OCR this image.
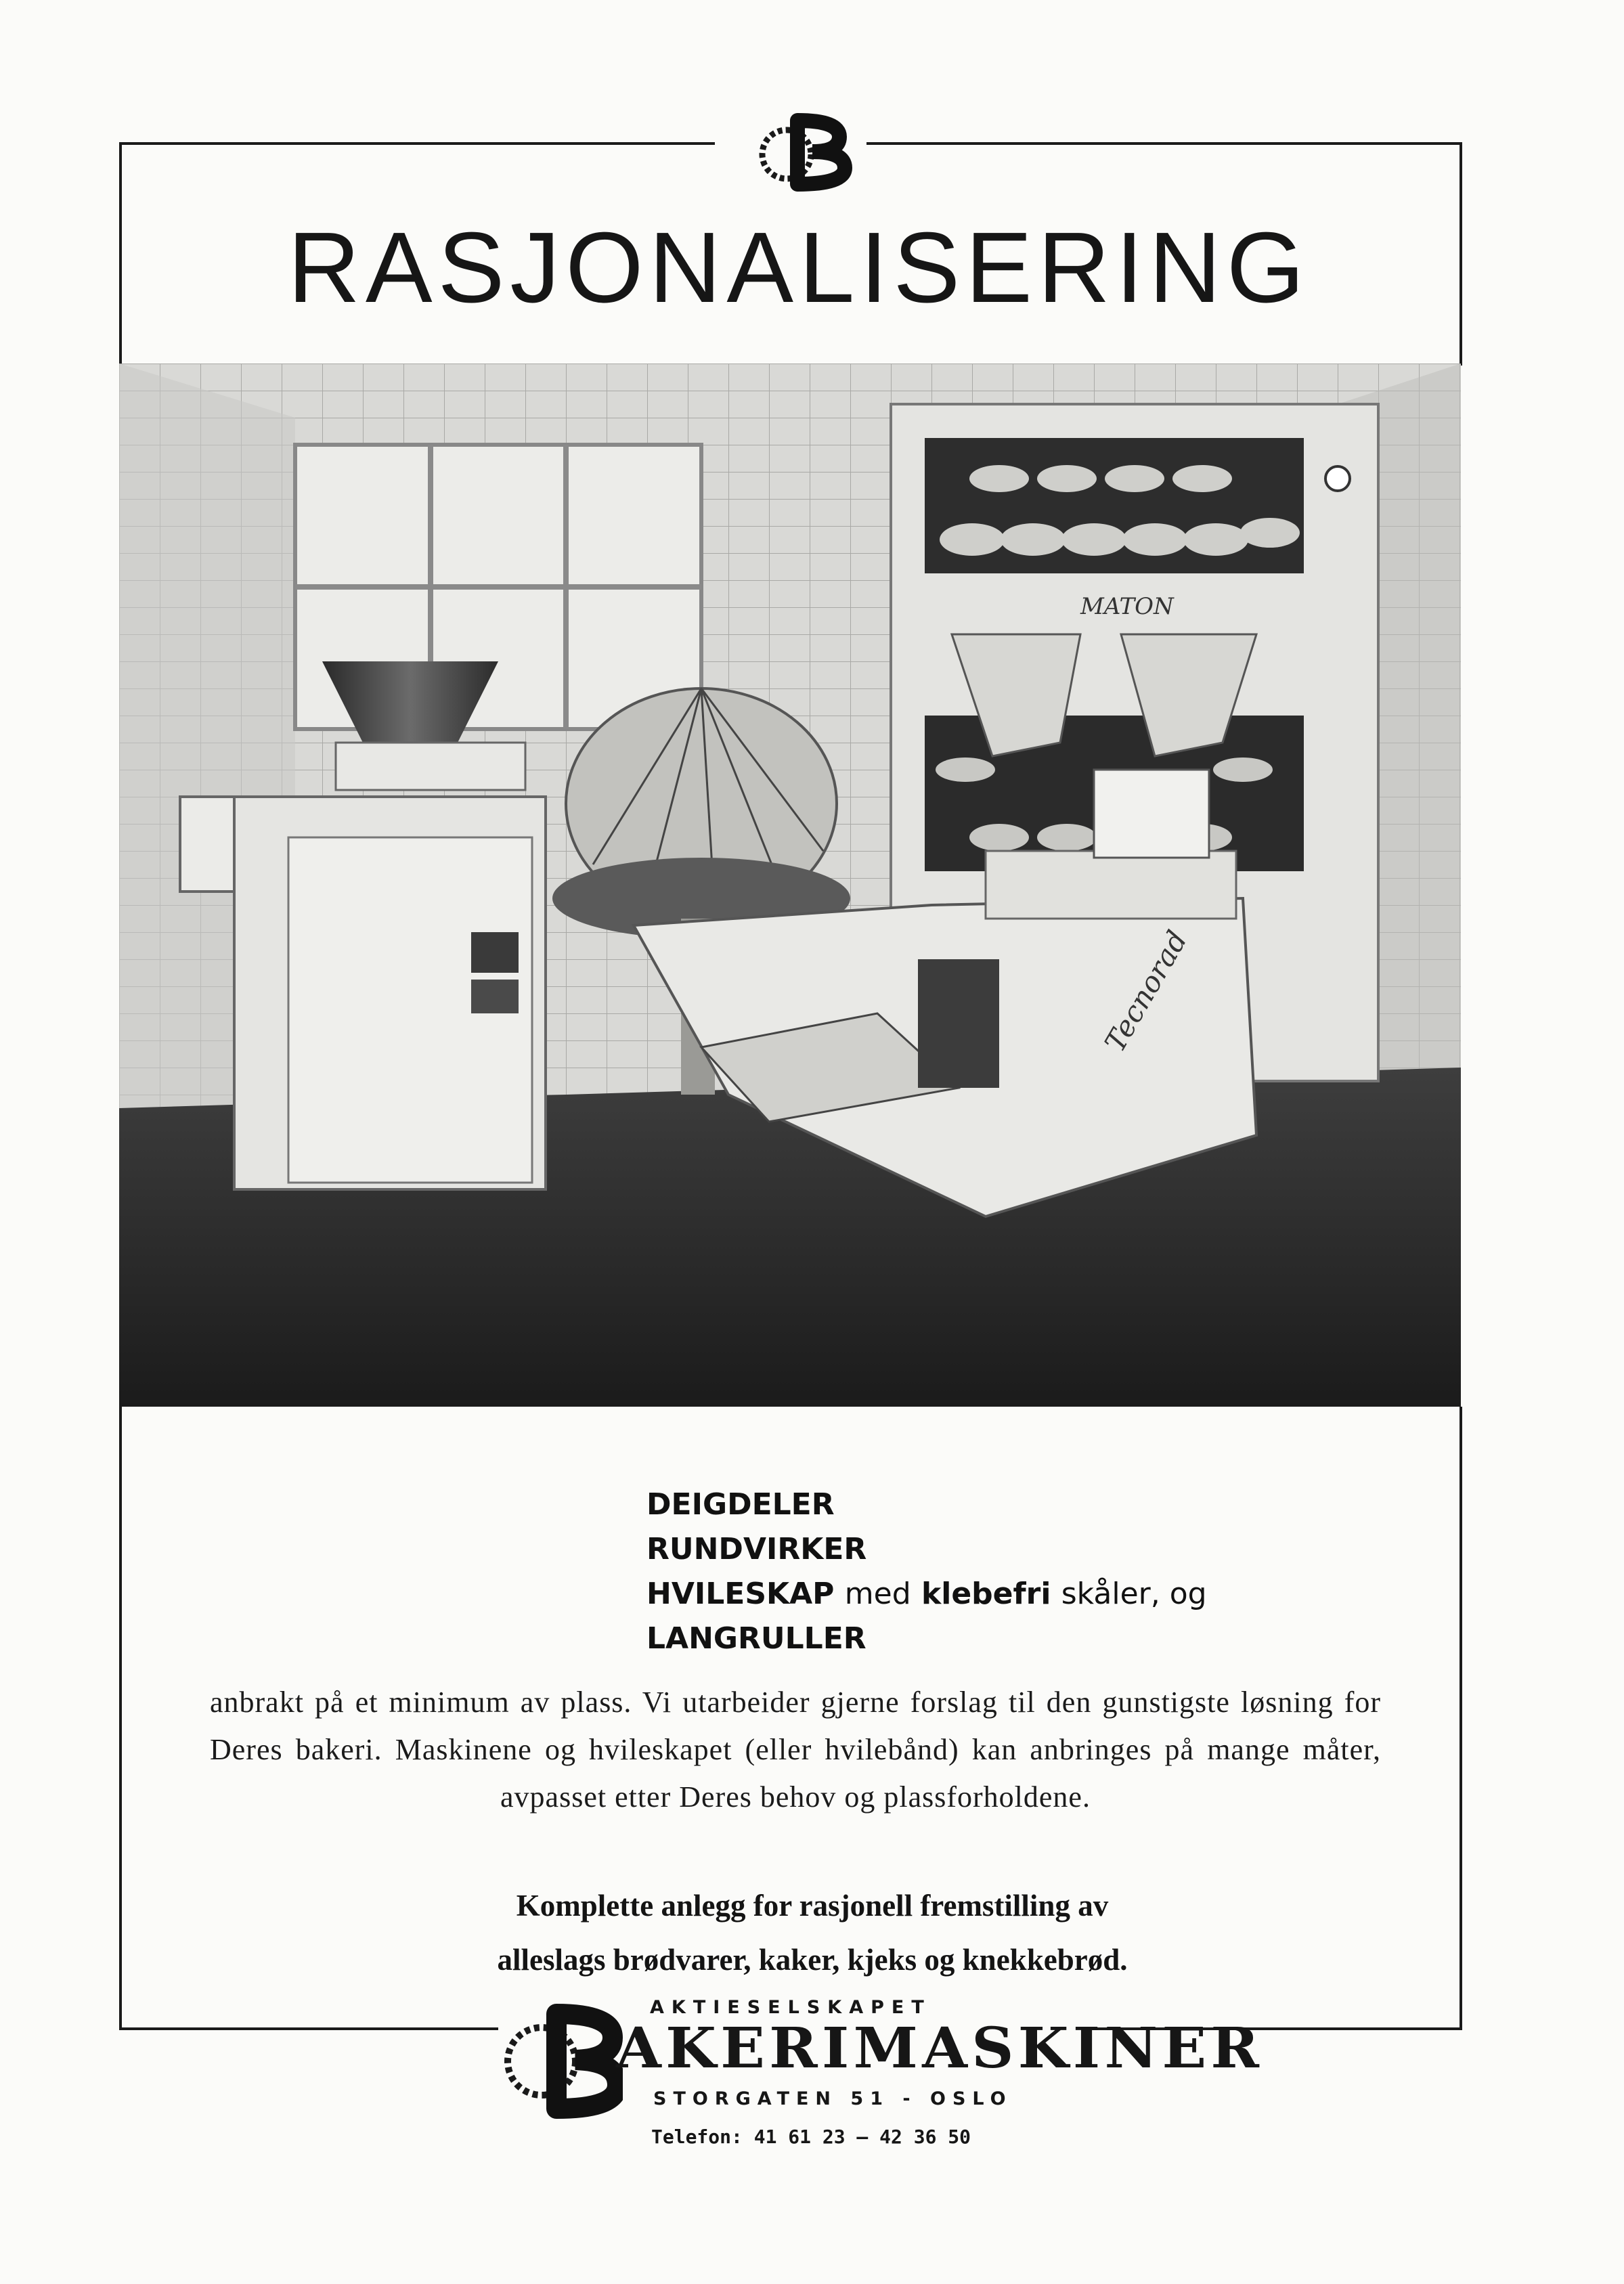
RASJONALISERING
MATON
Tecnorad
DEIGDELER
RUNDVIRKER
HVILESKAP med klebefri skåler, og
LANGRULLER
anbrakt på et minimum av plass. Vi utarbeider gjerne forslag til den gunstigste løsning for Deres bakeri. Maskinene og hvileskapet (eller hvilebånd) kan anbringes på mange måter, avpasset etter Deres behov og plassforholdene.
Komplette anlegg for rasjonell fremstilling av
alleslags brødvarer, kaker, kjeks og knekkebrød.
AKTIESELSKAPET
AKERIMASKINER
STORGATEN 51 - OSLO
Telefon: 41 61 23 — 42 36 50
